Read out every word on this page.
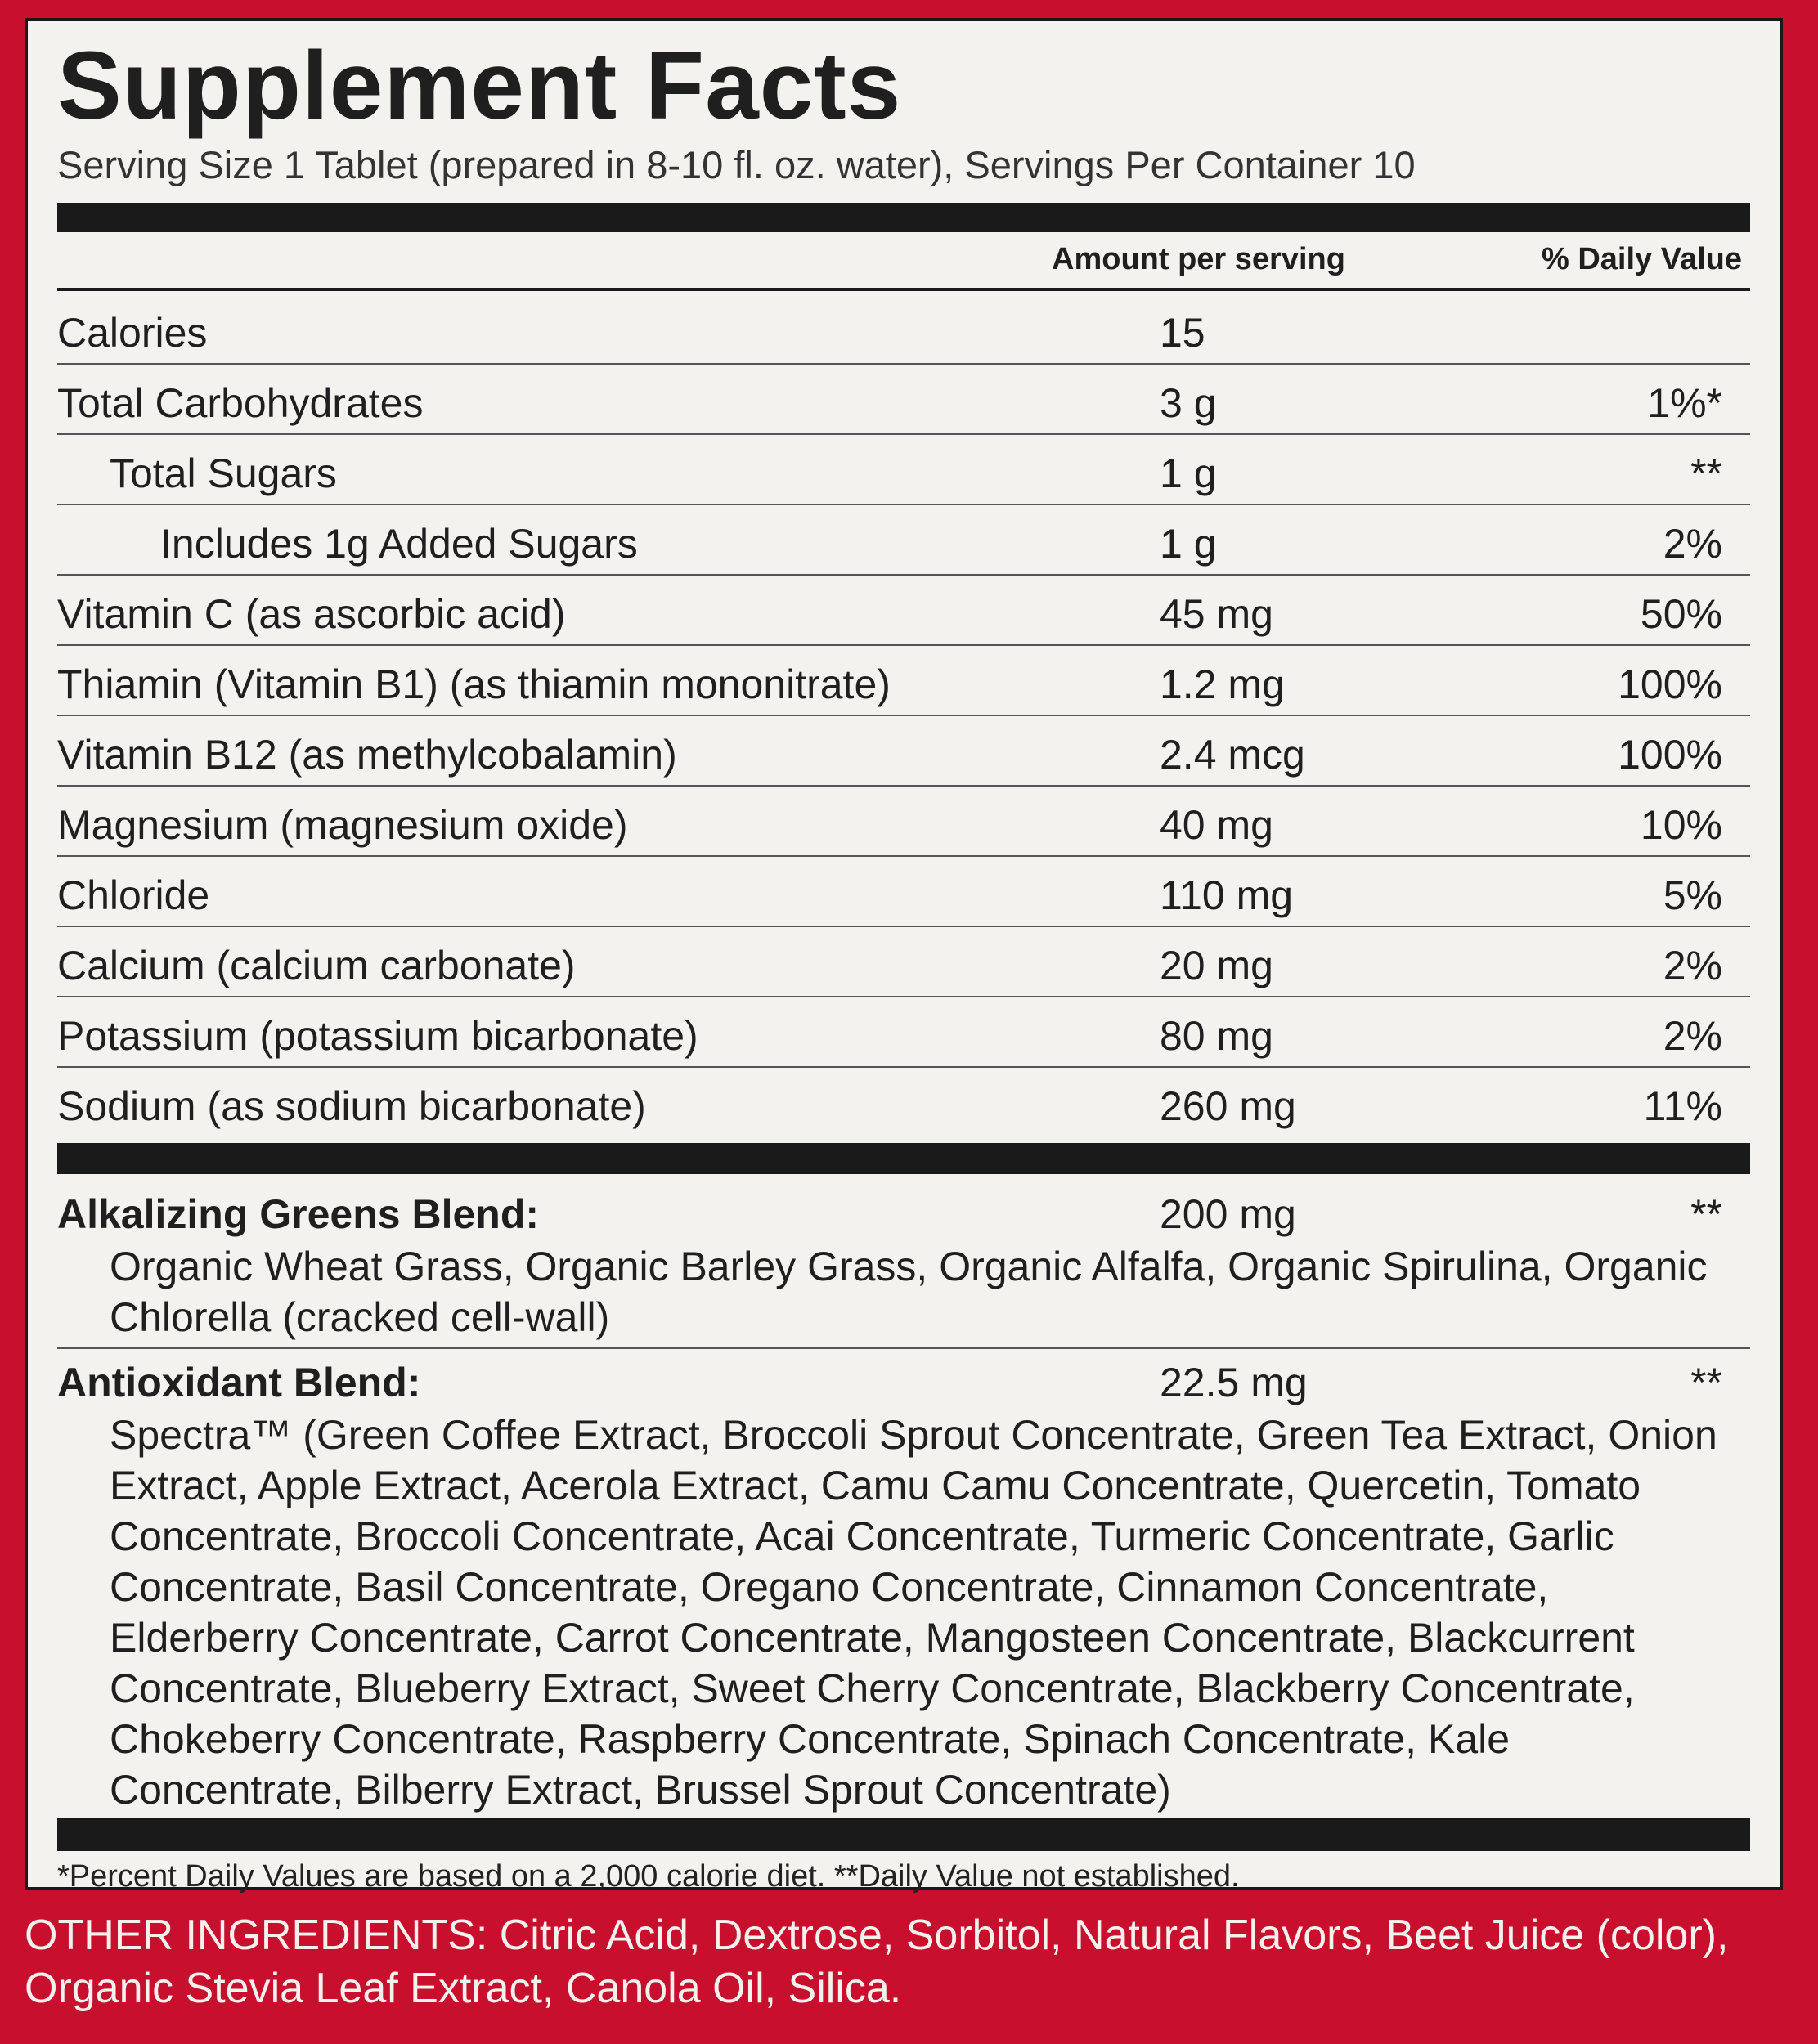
Supplement Facts
Serving Size 1 Tablet (prepared in 8-10 fl. oz. water), Servings Per Container 10
Amount per serving	% Daily Value
Calories	15
Total Carbohydrates	3 g	1%*
Total Sugars	1 g	**
Includes 1g Added Sugars	1 g	2%
Vitamin C (as ascorbic acid)	45 mg	50%
Thiamin (Vitamin B1) (as thiamin mononitrate)	1.2 mg	100%
Vitamin B12 (as methylcobalamin)	2.4 mcg	100%
Magnesium (magnesium oxide)	40 mg	10%
Chloride	110 mg	5%
Calcium (calcium carbonate)	20 mg	2%
Potassium (potassium bicarbonate)	80 mg	2%
Sodium (as sodium bicarbonate)	260 mg	11%
Alkalizing Greens Blend:	200 mg	**
Organic Wheat Grass, Organic Barley Grass, Organic Alfalfa, Organic Spirulina, Organic Chlorella (cracked cell-wall)
Antioxidant Blend:	22.5 mg	**
Spectra™ (Green Coffee Extract, Broccoli Sprout Concentrate, Green Tea Extract, Onion Extract, Apple Extract, Acerola Extract, Camu Camu Concentrate, Quercetin, Tomato Concentrate, Broccoli Concentrate, Acai Concentrate, Turmeric Concentrate, Garlic Concentrate, Basil Concentrate, Oregano Concentrate, Cinnamon Concentrate, Elderberry Concentrate, Carrot Concentrate, Mangosteen Concentrate, Blackcurrent Concentrate, Blueberry Extract, Sweet Cherry Concentrate, Blackberry Concentrate, Chokeberry Concentrate, Raspberry Concentrate, Spinach Concentrate, Kale Concentrate, Bilberry Extract, Brussel Sprout Concentrate)
*Percent Daily Values are based on a 2,000 calorie diet. **Daily Value not established.
OTHER INGREDIENTS: Citric Acid, Dextrose, Sorbitol, Natural Flavors, Beet Juice (color), Organic Stevia Leaf Extract, Canola Oil, Silica.
